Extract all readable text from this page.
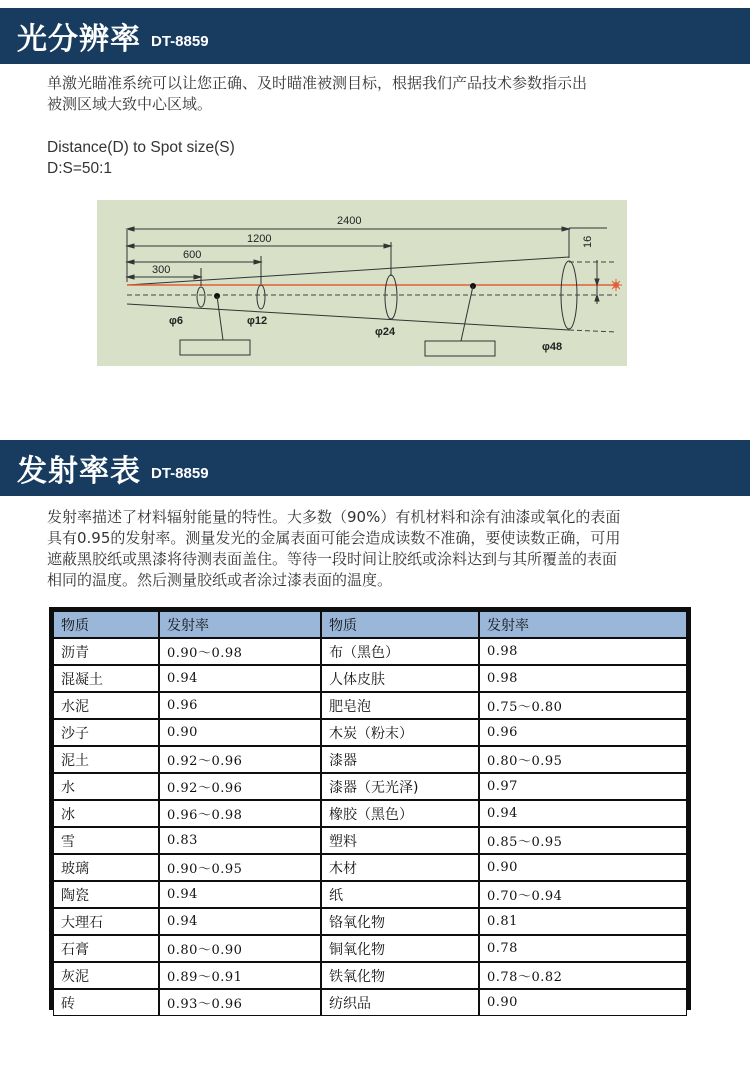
光分辨率 DT-8859
单激光瞄准系统可以让您正确、及时瞄准被测目标，根据我们产品技术参数指示出
被测区域大致中心区域。
Distance(D) to Spot size(S)
D:S=50:1
2400
1200
600
300
16
φ6	φ12
φ24
φ48
发射率表 DT-8859
发射率描述了材料辐射能量的特性。大多数（90%）有机材料和涂有油漆或氧化的表面
具有0.95的发射率。测量发光的金属表面可能会造成读数不准确，要使读数正确，可用
遮蔽黑胶纸或黑漆将待测表面盖住。等待一段时间让胶纸或涂料达到与其所覆盖的表面
相同的温度。然后测量胶纸或者涂过漆表面的温度。
物质	发射率	物质	发射率
沥青	0.90～0.98	布（黑色）	0.98
混凝土	0.94	人体皮肤	0.98
水泥	0.96	肥皂泡	0.75～0.80
沙子	0.90	木炭（粉末）	0.96
泥土	0.92～0.96	漆器	0.80～0.95
水	0.92～0.96	漆器（无光泽)	0.97
冰	0.96～0.98	橡胶（黑色）	0.94
雪	0.83	塑料	0.85～0.95
玻璃	0.90～0.95	木材	0.90
陶瓷	0.94	纸	0.70～0.94
大理石	0.94	铬氧化物	0.81
石膏	0.80～0.90	铜氧化物	0.78
灰泥	0.89～0.91	铁氧化物	0.78～0.82
砖	0.93～0.96	纺织品	0.90
